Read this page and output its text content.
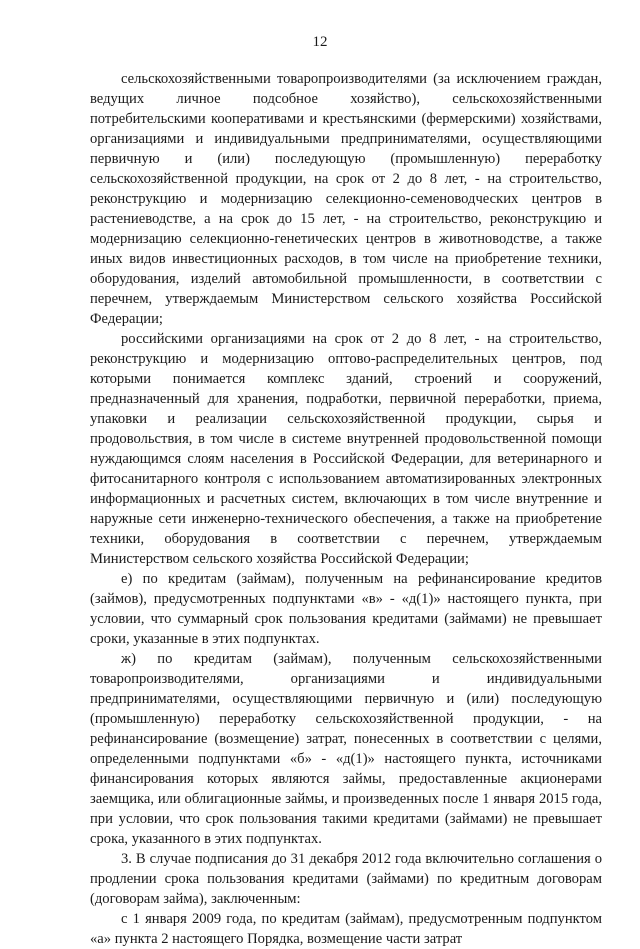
12

сельскохозяйственными товаропроизводителями (за исключением граждан, ведущих личное подсобное хозяйство), сельскохозяйственными потребительскими кооперативами и крестьянскими (фермерскими) хозяйствами, организациями и индивидуальными предпринимателями, осуществляющими первичную и (или) последующую (промышленную) переработку сельскохозяйственной продукции, на срок от 2 до 8 лет, - на строительство, реконструкцию и модернизацию селекционно-семеноводческих центров в растениеводстве, а на срок до 15 лет, - на строительство, реконструкцию и модернизацию селекционно-генетических центров в животноводстве, а также иных видов инвестиционных расходов, в том числе на приобретение техники, оборудования, изделий автомобильной промышленности, в соответствии с перечнем, утверждаемым Министерством сельского хозяйства Российской Федерации;

российскими организациями на срок от 2 до 8 лет, - на строительство, реконструкцию и модернизацию оптово-распределительных центров, под которыми понимается комплекс зданий, строений и сооружений, предназначенный для хранения, подработки, первичной переработки, приема, упаковки и реализации сельскохозяйственной продукции, сырья и продовольствия, в том числе в системе внутренней продовольственной помощи нуждающимся слоям населения в Российской Федерации, для ветеринарного и фитосанитарного контроля с использованием автоматизированных электронных информационных и расчетных систем, включающих в том числе внутренние и наружные сети инженерно-технического обеспечения, а также на приобретение техники, оборудования в соответствии с перечнем, утверждаемым Министерством сельского хозяйства Российской Федерации;

е) по кредитам (займам), полученным на рефинансирование кредитов (займов), предусмотренных подпунктами «в» - «д(1)» настоящего пункта, при условии, что суммарный срок пользования кредитами (займами) не превышает сроки, указанные в этих подпунктах.

ж) по кредитам (займам), полученным сельскохозяйственными товаропроизводителями, организациями и индивидуальными предпринимателями, осуществляющими первичную и (или) последующую (промышленную) переработку сельскохозяйственной продукции, - на рефинансирование (возмещение) затрат, понесенных в соответствии с целями, определенными подпунктами «б» - «д(1)» настоящего пункта, источниками финансирования которых являются займы, предоставленные акционерами заемщика, или облигационные займы, и произведенных после 1 января 2015 года, при условии, что срок пользования такими кредитами (займами) не превышает срока, указанного в этих подпунктах.

3. В случае подписания до 31 декабря 2012 года включительно соглашения о продлении срока пользования кредитами (займами) по кредитным договорам (договорам займа), заключенным:

с 1 января 2009 года, по кредитам (займам), предусмотренным подпунктом «а» пункта 2 настоящего Порядка, возмещение части затрат
